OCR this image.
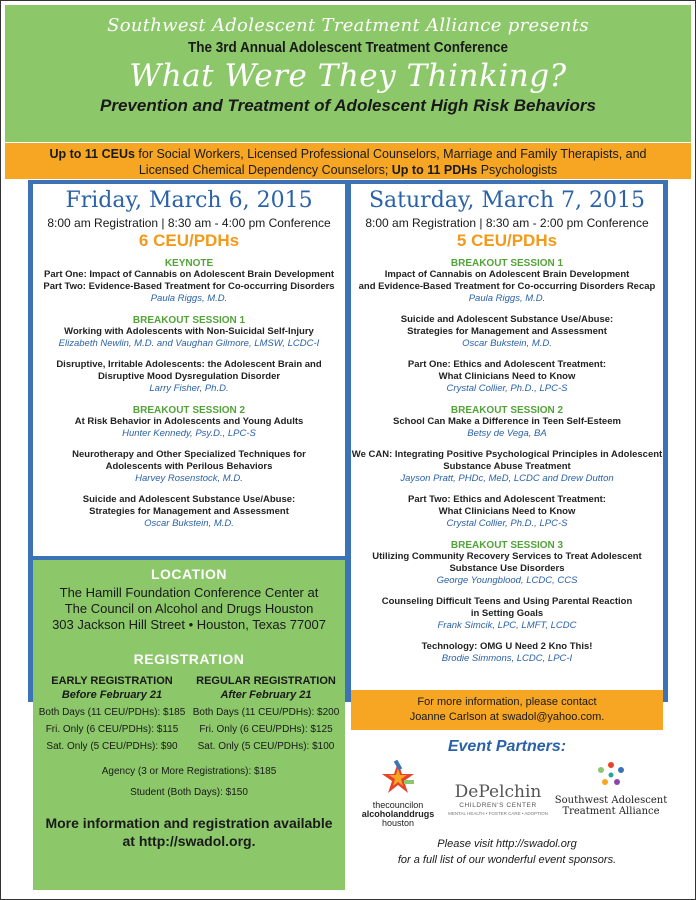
Southwest Adolescent Treatment Alliance presents
The 3rd Annual Adolescent Treatment Conference
What Were They Thinking?
Prevention and Treatment of Adolescent High Risk Behaviors
Up to 11 CEUs for Social Workers, Licensed Professional Counselors, Marriage and Family Therapists, and
Licensed Chemical Dependency Counselors; Up to 11 PDHs Psychologists
Friday, March 6, 2015
8:00 am Registration | 8:30 am - 4:00 pm Conference
6 CEU/PDHs
KEYNOTE
Part One: Impact of Cannabis on Adolescent Brain Development
Part Two: Evidence-Based Treatment for Co-occurring Disorders
Paula Riggs, M.D.
BREAKOUT SESSION 1
Working with Adolescents with Non-Suicidal Self-Injury
Elizabeth Newlin, M.D. and Vaughan Gilmore, LMSW, LCDC-I
Disruptive, Irritable Adolescents: the Adolescent Brain and
Disruptive Mood Dysregulation Disorder
Larry Fisher, Ph.D.
BREAKOUT SESSION 2
At Risk Behavior in Adolescents and Young Adults
Hunter Kennedy, Psy.D., LPC-S
Neurotherapy and Other Specialized Techniques for
Adolescents with Perilous Behaviors
Harvey Rosenstock, M.D.
Suicide and Adolescent Substance Use/Abuse:
Strategies for Management and Assessment
Oscar Bukstein, M.D.
Saturday, March 7, 2015
8:00 am Registration | 8:30 am - 2:00 pm Conference
5 CEU/PDHs
BREAKOUT SESSION 1
Impact of Cannabis on Adolescent Brain Development
and Evidence-Based Treatment for Co-occurring Disorders Recap
Paula Riggs, M.D.
Suicide and Adolescent Substance Use/Abuse:
Strategies for Management and Assessment
Oscar Bukstein, M.D.
Part One: Ethics and Adolescent Treatment:
What Clinicians Need to Know
Crystal Collier, Ph.D., LPC-S
BREAKOUT SESSION 2
School Can Make a Difference in Teen Self-Esteem
Betsy de Vega, BA
We CAN: Integrating Positive Psychological Principles in Adolescent
Substance Abuse Treatment
Jayson Pratt, PHDc, MeD, LCDC and Drew Dutton
Part Two: Ethics and Adolescent Treatment:
What Clinicians Need to Know
Crystal Collier, Ph.D., LPC-S
BREAKOUT SESSION 3
Utilizing Community Recovery Services to Treat Adolescent
Substance Use Disorders
George Youngblood, LCDC, CCS
Counseling Difficult Teens and Using Parental Reaction
in Setting Goals
Frank Simcik, LPC, LMFT, LCDC
Technology: OMG U Need 2 Kno This!
Brodie Simmons, LCDC, LPC-I
LOCATION
The Hamill Foundation Conference Center at
The Council on Alcohol and Drugs Houston
303 Jackson Hill Street • Houston, Texas 77007
REGISTRATION
EARLY REGISTRATION
Before February 21
Both Days (11 CEU/PDHs): $185
Fri. Only (6 CEU/PDHs): $115
Sat. Only (5 CEU/PDHs): $90
REGULAR REGISTRATION
After February 21
Both Days (11 CEU/PDHs): $200
Fri. Only (6 CEU/PDHs): $125
Sat. Only (5 CEU/PDHs): $100
Agency (3 or More Registrations): $185
Student (Both Days): $150
More information and registration available
at http://swadol.org.
For more information, please contact
Joanne Carlson at swadol@yahoo.com.
Event Partners:
thecouncilon
alcoholanddrugs
houston
DePelchin
CHILDREN'S CENTER
MENTAL HEALTH • FOSTER CARE • ADOPTION
Southwest Adolescent
Treatment Alliance
Please visit http://swadol.org
for a full list of our wonderful event sponsors.
